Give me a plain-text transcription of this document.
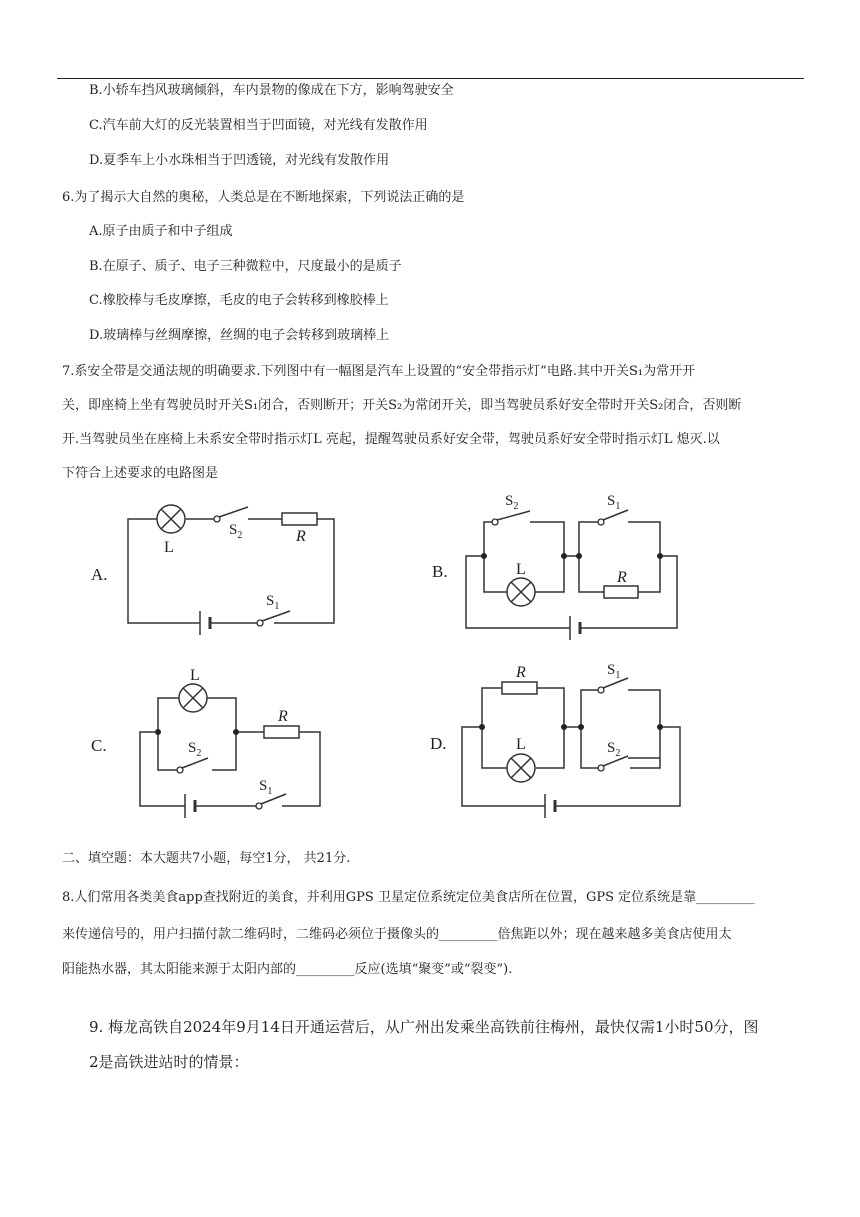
B.小轿车挡风玻璃倾斜，车内景物的像成在下方，影响驾驶安全
C.汽车前大灯的反光装置相当于凹面镜，对光线有发散作用
D.夏季车上小水珠相当于凹透镜，对光线有发散作用
6.为了揭示大自然的奥秘，人类总是在不断地探索，下列说法正确的是
A.原子由质子和中子组成
B.在原子、质子、电子三种微粒中，尺度最小的是质子
C.橡胶棒与毛皮摩擦，毛皮的电子会转移到橡胶棒上
D.玻璃棒与丝绸摩擦，丝绸的电子会转移到玻璃棒上
7.系安全带是交通法规的明确要求.下列图中有一幅图是汽车上设置的“安全带指示灯”电路.其中开关S₁为常开开
关，即座椅上坐有驾驶员时开关S₁闭合，否则断开；开关S₂为常闭开关，即当驾驶员系好安全带时开关S₂闭合，否则断
开.当驾驶员坐在座椅上未系安全带时指示灯L 亮起，提醒驾驶员系好安全带，驾驶员系好安全带时指示灯L 熄灭.以
下符合上述要求的电路图是
A.
L
$S_2$	R
$S_1$
B.
$S_2$
L
$S_1$
R
C.
L
$S_2$
R
$S_1$
D.
R
L
$S_1$
$S_2$
二、填空题：本大题共7小题，每空1分， 共21分.
8.人们常用各类美食app查找附近的美食，并利用GPS 卫星定位系统定位美食店所在位置，GPS 定位系统是靠_________
来传递信号的，用户扫描付款二维码时，二维码必须位于摄像头的_________倍焦距以外；现在越来越多美食店使用太
阳能热水器，其太阳能来源于太阳内部的_________反应(选填“聚变”或“裂变”).
9. 梅龙高铁自2024年9月14日开通运营后，从广州出发乘坐高铁前往梅州，最快仅需1小时50分，图
2是高铁进站时的情景：
